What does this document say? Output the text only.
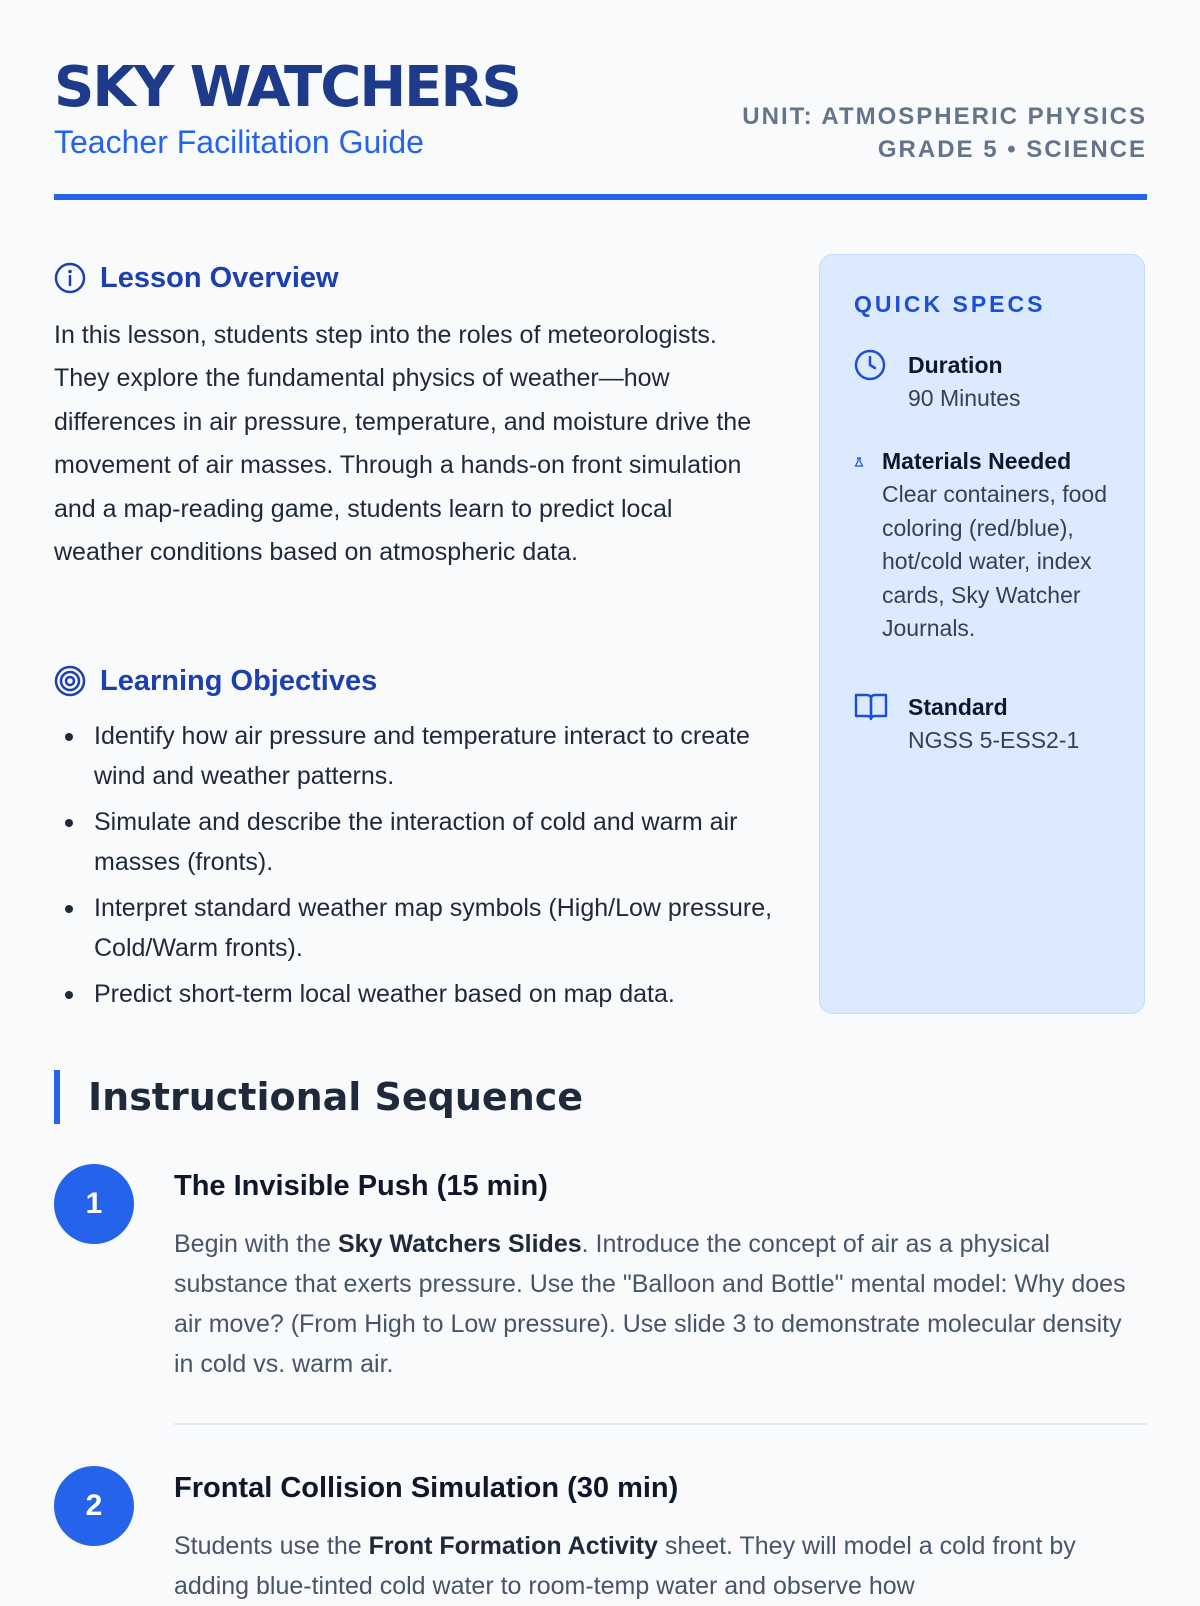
SKY WATCHERS
Teacher Facilitation Guide
UNIT: ATMOSPHERIC PHYSICS
GRADE 5 • SCIENCE
Lesson Overview
In this lesson, students step into the roles of meteorologists. They explore the fundamental physics of weather—how differences in air pressure, temperature, and moisture drive the movement of air masses. Through a hands-on front simulation and a map-reading game, students learn to predict local weather conditions based on atmospheric data.
Learning Objectives
Identify how air pressure and temperature interact to create wind and weather patterns.
Simulate and describe the interaction of cold and warm air masses (fronts).
Interpret standard weather map symbols (High/Low pressure, Cold/Warm fronts).
Predict short-term local weather based on map data.
QUICK SPECS
Duration
90 Minutes
Materials Needed
Clear containers, food coloring (red/blue), hot/cold water, index cards, Sky Watcher Journals.
Standard
NGSS 5-ESS2-1
Instructional Sequence
1
The Invisible Push (15 min)
Begin with the Sky Watchers Slides. Introduce the concept of air as a physical substance that exerts pressure. Use the "Balloon and Bottle" mental model: Why does air move? (From High to Low pressure). Use slide 3 to demonstrate molecular density in cold vs. warm air.
2
Frontal Collision Simulation (30 min)
Students use the Front Formation Activity sheet. They will model a cold front by adding blue-tinted cold water to room-temp water and observe how
